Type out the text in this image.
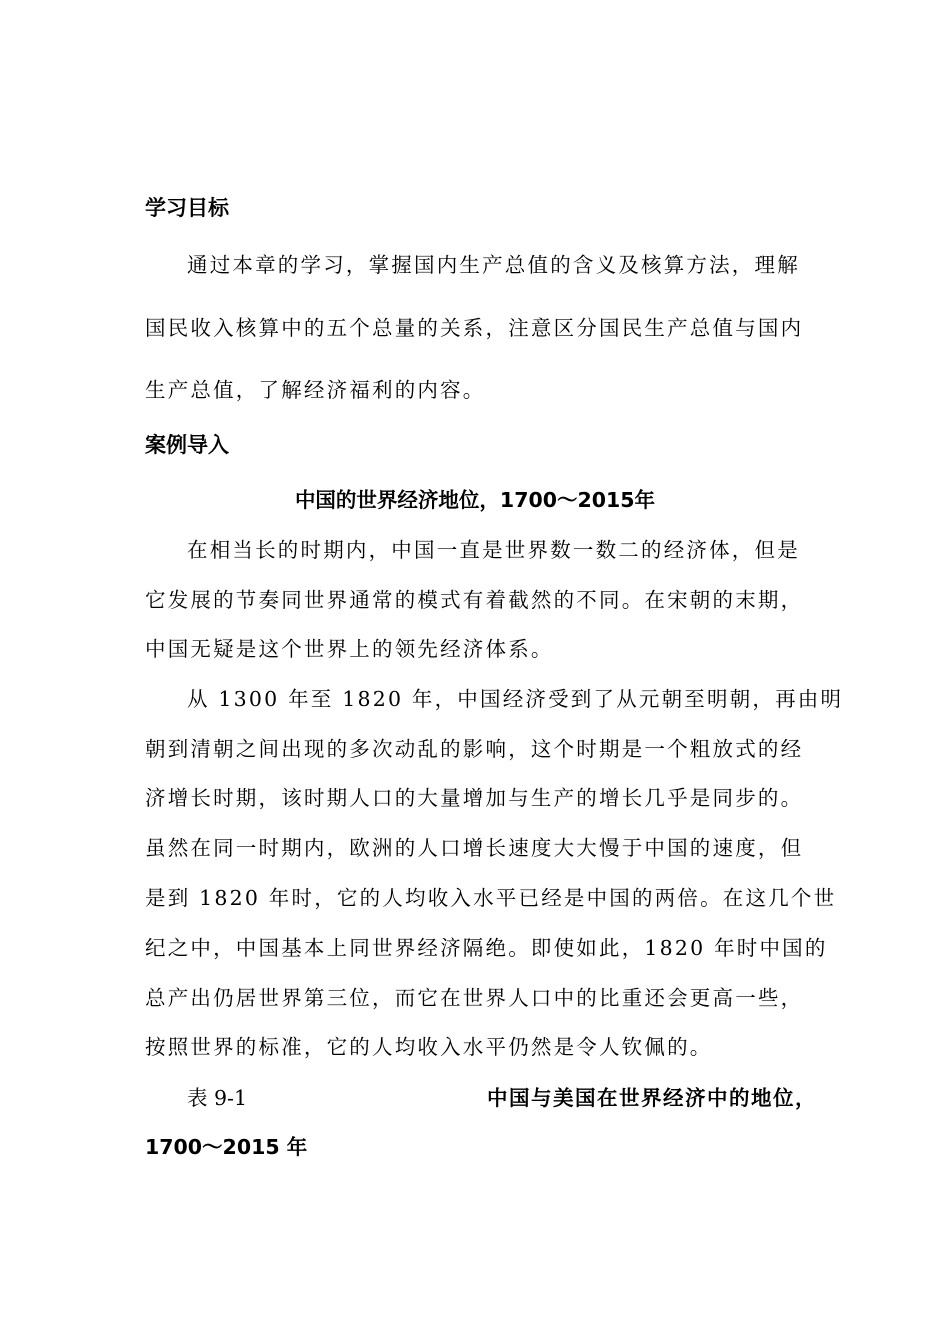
学习目标
通过本章的学习，掌握国内生产总值的含义及核算方法，理解
国民收入核算中的五个总量的关系，注意区分国民生产总值与国内
生产总值，了解经济福利的内容。
案例导入
中国的世界经济地位，1700～2015年
在相当长的时期内，中国一直是世界数一数二的经济体，但是
它发展的节奏同世界通常的模式有着截然的不同。在宋朝的末期，
中国无疑是这个世界上的领先经济体系。
从 1300 年至 1820 年，中国经济受到了从元朝至明朝，再由明
朝到清朝之间出现的多次动乱的影响，这个时期是一个粗放式的经
济增长时期，该时期人口的大量增加与生产的增长几乎是同步的。
虽然在同一时期内，欧洲的人口增长速度大大慢于中国的速度，但
是到 1820 年时，它的人均收入水平已经是中国的两倍。在这几个世
纪之中，中国基本上同世界经济隔绝。即使如此，1820 年时中国的
总产出仍居世界第三位，而它在世界人口中的比重还会更高一些，
按照世界的标准，它的人均收入水平仍然是令人钦佩的。
表 9-1	中国与美国在世界经济中的地位，
1700～2015 年
